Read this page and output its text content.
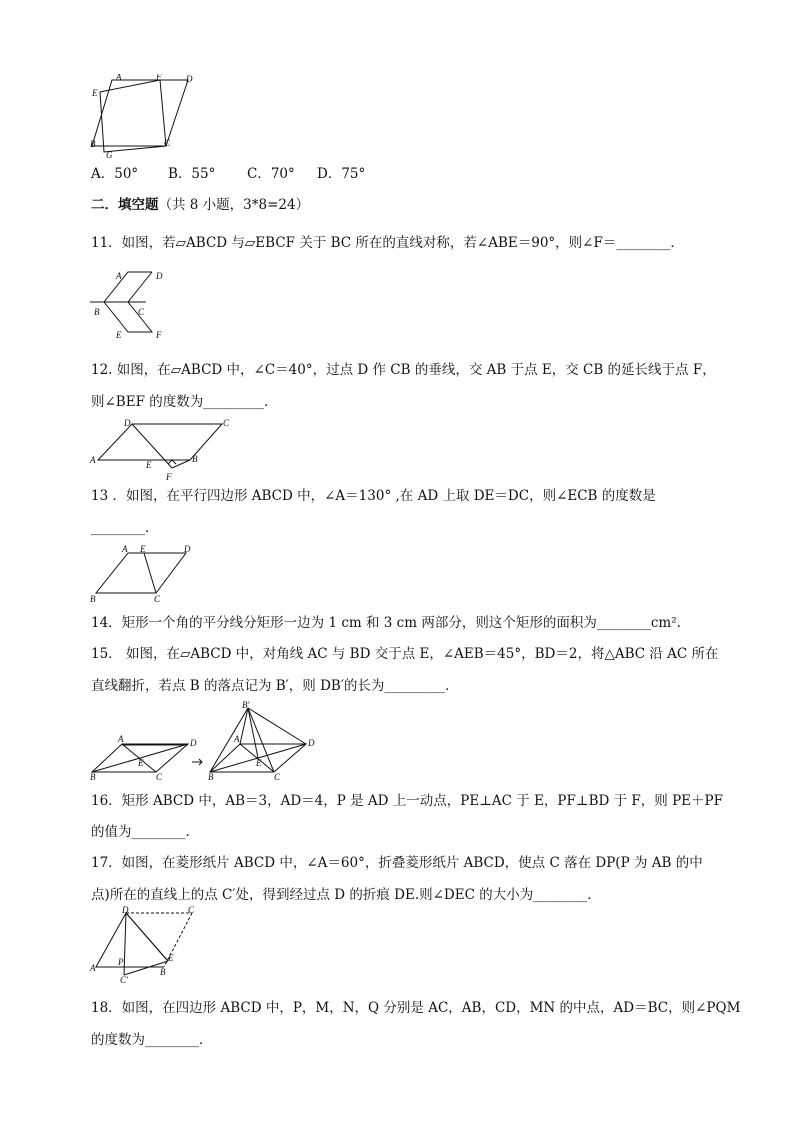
A	F	D
E
B
G
C
A．50° B．55° C．70° D．75°
二．填空题（共 8 小题，3*8=24）
11．如图，若▱ABCD 与▱EBCF 关于 BC 所在的直线对称，若∠ABE＝90°，则∠F＝________．
A	D
B	C
E	F
12. 如图，在▱ABCD 中，∠C＝40°，过点 D 作 CB 的垂线，交 AB 于点 E，交 CB 的延长线于点 F，
则∠BEF 的度数为_________．
D	C
A	E
B
F
13 ．如图，在平行四边形 ABCD 中，∠A＝130° ,在 AD 上取 DE＝DC，则∠ECB 的度数是
________．
A E	D
B	C
14．矩形一个角的平分线分矩形一边为 1 cm 和 3 cm 两部分，则这个矩形的面积为________cm².
15． 如图，在▱ABCD 中，对角线 AC 与 BD 交于点 E，∠AEB＝45°，BD＝2，将△ABC 沿 AC 所在
直线翻折，若点 B 的落点记为 B′，则 DB′的长为_________．
A	D
E
B	C
B′
A	D
E
B	C
16．矩形 ABCD 中，AB＝3，AD＝4，P 是 AD 上一动点，PE⊥AC 于 E，PF⊥BD 于 F，则 PE＋PF
的值为________．
17．如图，在菱形纸片 ABCD 中，∠A＝60°，折叠菱形纸片 ABCD，使点 C 落在 DP(P 为 AB 的中
点)所在的直线上的点 C′处，得到经过点 D 的折痕 DE.则∠DEC 的大小为________．
D	C
P	E
A
C′
B
18．如图，在四边形 ABCD 中，P，M，N，Q 分别是 AC，AB，CD，MN 的中点，AD＝BC，则∠PQM
的度数为________．
